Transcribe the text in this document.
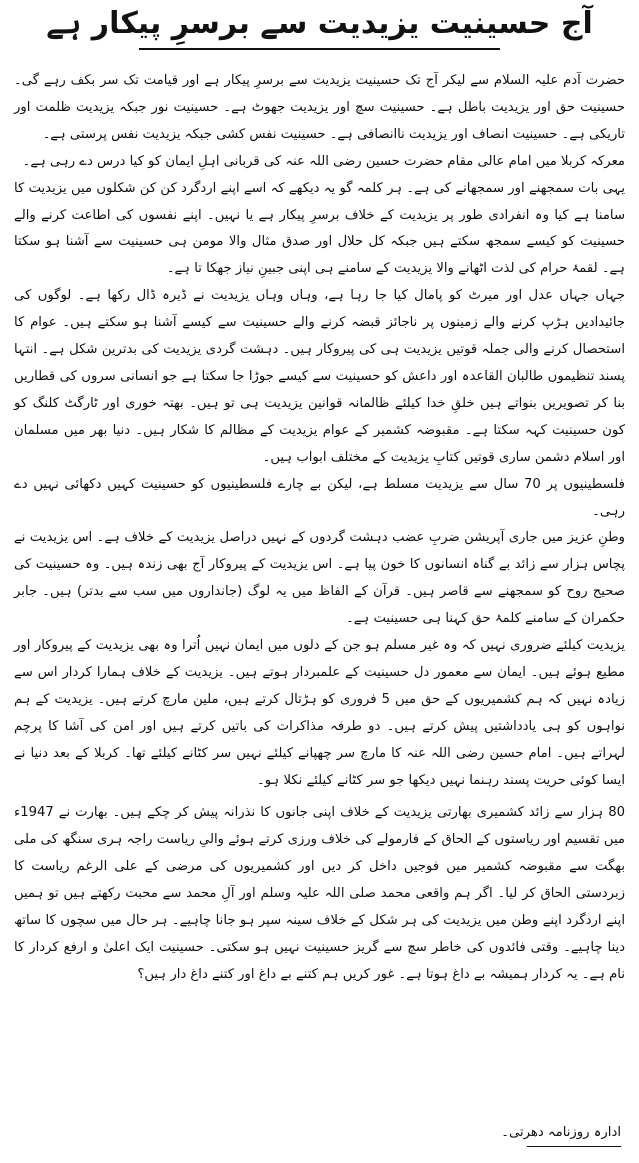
آج حسینیت یزیدیت سے برسرِ پیکار ہے

حضرت آدم علیہ السلام سے لیکر آج تک حسینیت یزیدیت سے برسرِ پیکار ہے اور قیامت تک سر بکف رہے گی۔ حسینیت حق اور یزیدیت باطل ہے۔ حسینیت سچ اور یزیدیت جھوٹ ہے۔ حسینیت نور جبکہ یزیدیت ظلمت اور تاریکی ہے۔ حسینیت انصاف اور یزیدیت ناانصافی ہے۔ حسینیت نفس کشی جبکہ یزیدیت نفس پرستی ہے۔

معرکہ کربلا میں امام عالی مقام حضرت حسین رضی اللہ عنہ کی قربانی اہلِ ایمان کو کیا درس دے رہی ہے۔

یہی بات سمجھنے اور سمجھانے کی ہے۔ ہر کلمہ گو یہ دیکھے کہ اسے اپنے اردگرد کن کن شکلوں میں یزیدیت کا سامنا ہے کیا وہ انفرادی طور پر یزیدیت کے خلاف برسرِ پیکار ہے یا نہیں۔ اپنے نفسوں کی اطاعت کرنے والے حسینیت کو کیسے سمجھ سکتے ہیں جبکہ کل حلال اور صدق مثال والا مومن ہی حسینیت سے آشنا ہو سکتا ہے۔ لقمۂ حرام کی لذت اٹھانے والا یزیدیت کے سامنے ہی اپنی جبینِ نیاز جھکا تا ہے۔

جہاں جہاں عدل اور میرٹ کو پامال کیا جا رہا ہے، وہاں وہاں یزیدیت نے ڈیرہ ڈال رکھا ہے۔ لوگوں کی جائیدادیں ہڑپ کرنے والے زمینوں پر ناجائز قبضہ کرنے والے حسینیت سے کیسے آشنا ہو سکتے ہیں۔ عوام کا استحصال کرنے والی جملہ قوتیں یزیدیت ہی کی پیروکار ہیں۔ دہشت گردی یزیدیت کی بدترین شکل ہے۔ انتہا پسند تنظیموں طالبان القاعدہ اور داعش کو حسینیت سے کیسے جوڑا جا سکتا ہے جو انسانی سروں کی قطاریں بنا کر تصویریں بنواتے ہیں خلقِ خدا کیلئے ظالمانہ قوانین یزیدیت ہی تو ہیں۔ بھتہ خوری اور ٹارگٹ کلنگ کو کون حسینیت کہہ سکتا ہے۔ مقبوضہ کشمیر کے عوام یزیدیت کے مظالم کا شکار ہیں۔ دنیا بھر میں مسلمان اور اسلام دشمن ساری قوتیں کتابِ یزیدیت کے مختلف ابواب ہیں۔

فلسطینیوں پر 70 سال سے یزیدیت مسلط ہے، لیکن بے چارے فلسطینیوں کو حسینیت کہیں دکھائی نہیں دے رہی۔

وطنِ عزیز میں جاری آپریشن ضربِ عضب دہشت گردوں کے نہیں دراصل یزیدیت کے خلاف ہے۔ اس یزیدیت نے پچاس ہزار سے زائد بے گناہ انسانوں کا خون پیا ہے۔ اس یزیدیت کے پیروکار آج بھی زندہ ہیں۔ وہ حسینیت کی صحیح روح کو سمجھنے سے قاصر ہیں۔ قرآن کے الفاظ میں یہ لوگ (جانداروں میں سب سے بدتر) ہیں۔ جابر حکمران کے سامنے کلمۂ حق کہنا ہی حسینیت ہے۔

یزیدیت کیلئے ضروری نہیں کہ وہ غیر مسلم ہو جن کے دلوں میں ایمان نہیں اُترا وہ بھی یزیدیت کے پیروکار اور مطیع ہوئے ہیں۔ ایمان سے معمور دل حسینیت کے علمبردار ہوتے ہیں۔ یزیدیت کے خلاف ہمارا کردار اس سے زیادہ نہیں کہ ہم کشمیریوں کے حق میں 5 فروری کو ہڑتال کرتے ہیں، ملین مارچ کرتے ہیں۔ یزیدیت کے ہم نواہوں کو ہی یادداشتیں پیش کرتے ہیں۔ دو طرفہ مذاکرات کی باتیں کرتے ہیں اور امن کی آشا کا پرچم لہراتے ہیں۔ امام حسین رضی اللہ عنہ کا مارچ سر چھپانے کیلئے نہیں سر کٹانے کیلئے تھا۔ کربلا کے بعد دنیا نے ایسا کوئی حریت پسند رہنما نہیں دیکھا جو سر کٹانے کیلئے نکلا ہو۔

80 ہزار سے زائد کشمیری بھارتی یزیدیت کے خلاف اپنی جانوں کا نذرانہ پیش کر چکے ہیں۔ بھارت نے 1947ء میں تقسیم اور ریاستوں کے الحاق کے فارمولے کی خلاف ورزی کرتے ہوئے والیِ ریاست راجہ ہری سنگھ کی ملی بھگت سے مقبوضہ کشمیر میں فوجیں داخل کر دیں اور کشمیریوں کی مرضی کے علی الرغم ریاست کا زبردستی الحاق کر لیا۔ اگر ہم واقعی محمد صلی اللہ علیہ وسلم اور آلِ محمد سے محبت رکھتے ہیں تو ہمیں اپنے اردگرد اپنے وطن میں یزیدیت کی ہر شکل کے خلاف سینہ سپر ہو جانا چاہیے۔ ہر حال میں سچوں کا ساتھ دینا چاہیے۔ وقتی فائدوں کی خاطر سچ سے گریز حسینیت نہیں ہو سکتی۔ حسینیت ایک اعلیٰ و ارفع کردار کا نام ہے۔ یہ کردار ہمیشہ بے داغ ہوتا ہے۔ غور کریں ہم کتنے بے داغ اور کتنے داغ دار ہیں؟

ادارہ روزنامہ دھرتی۔
